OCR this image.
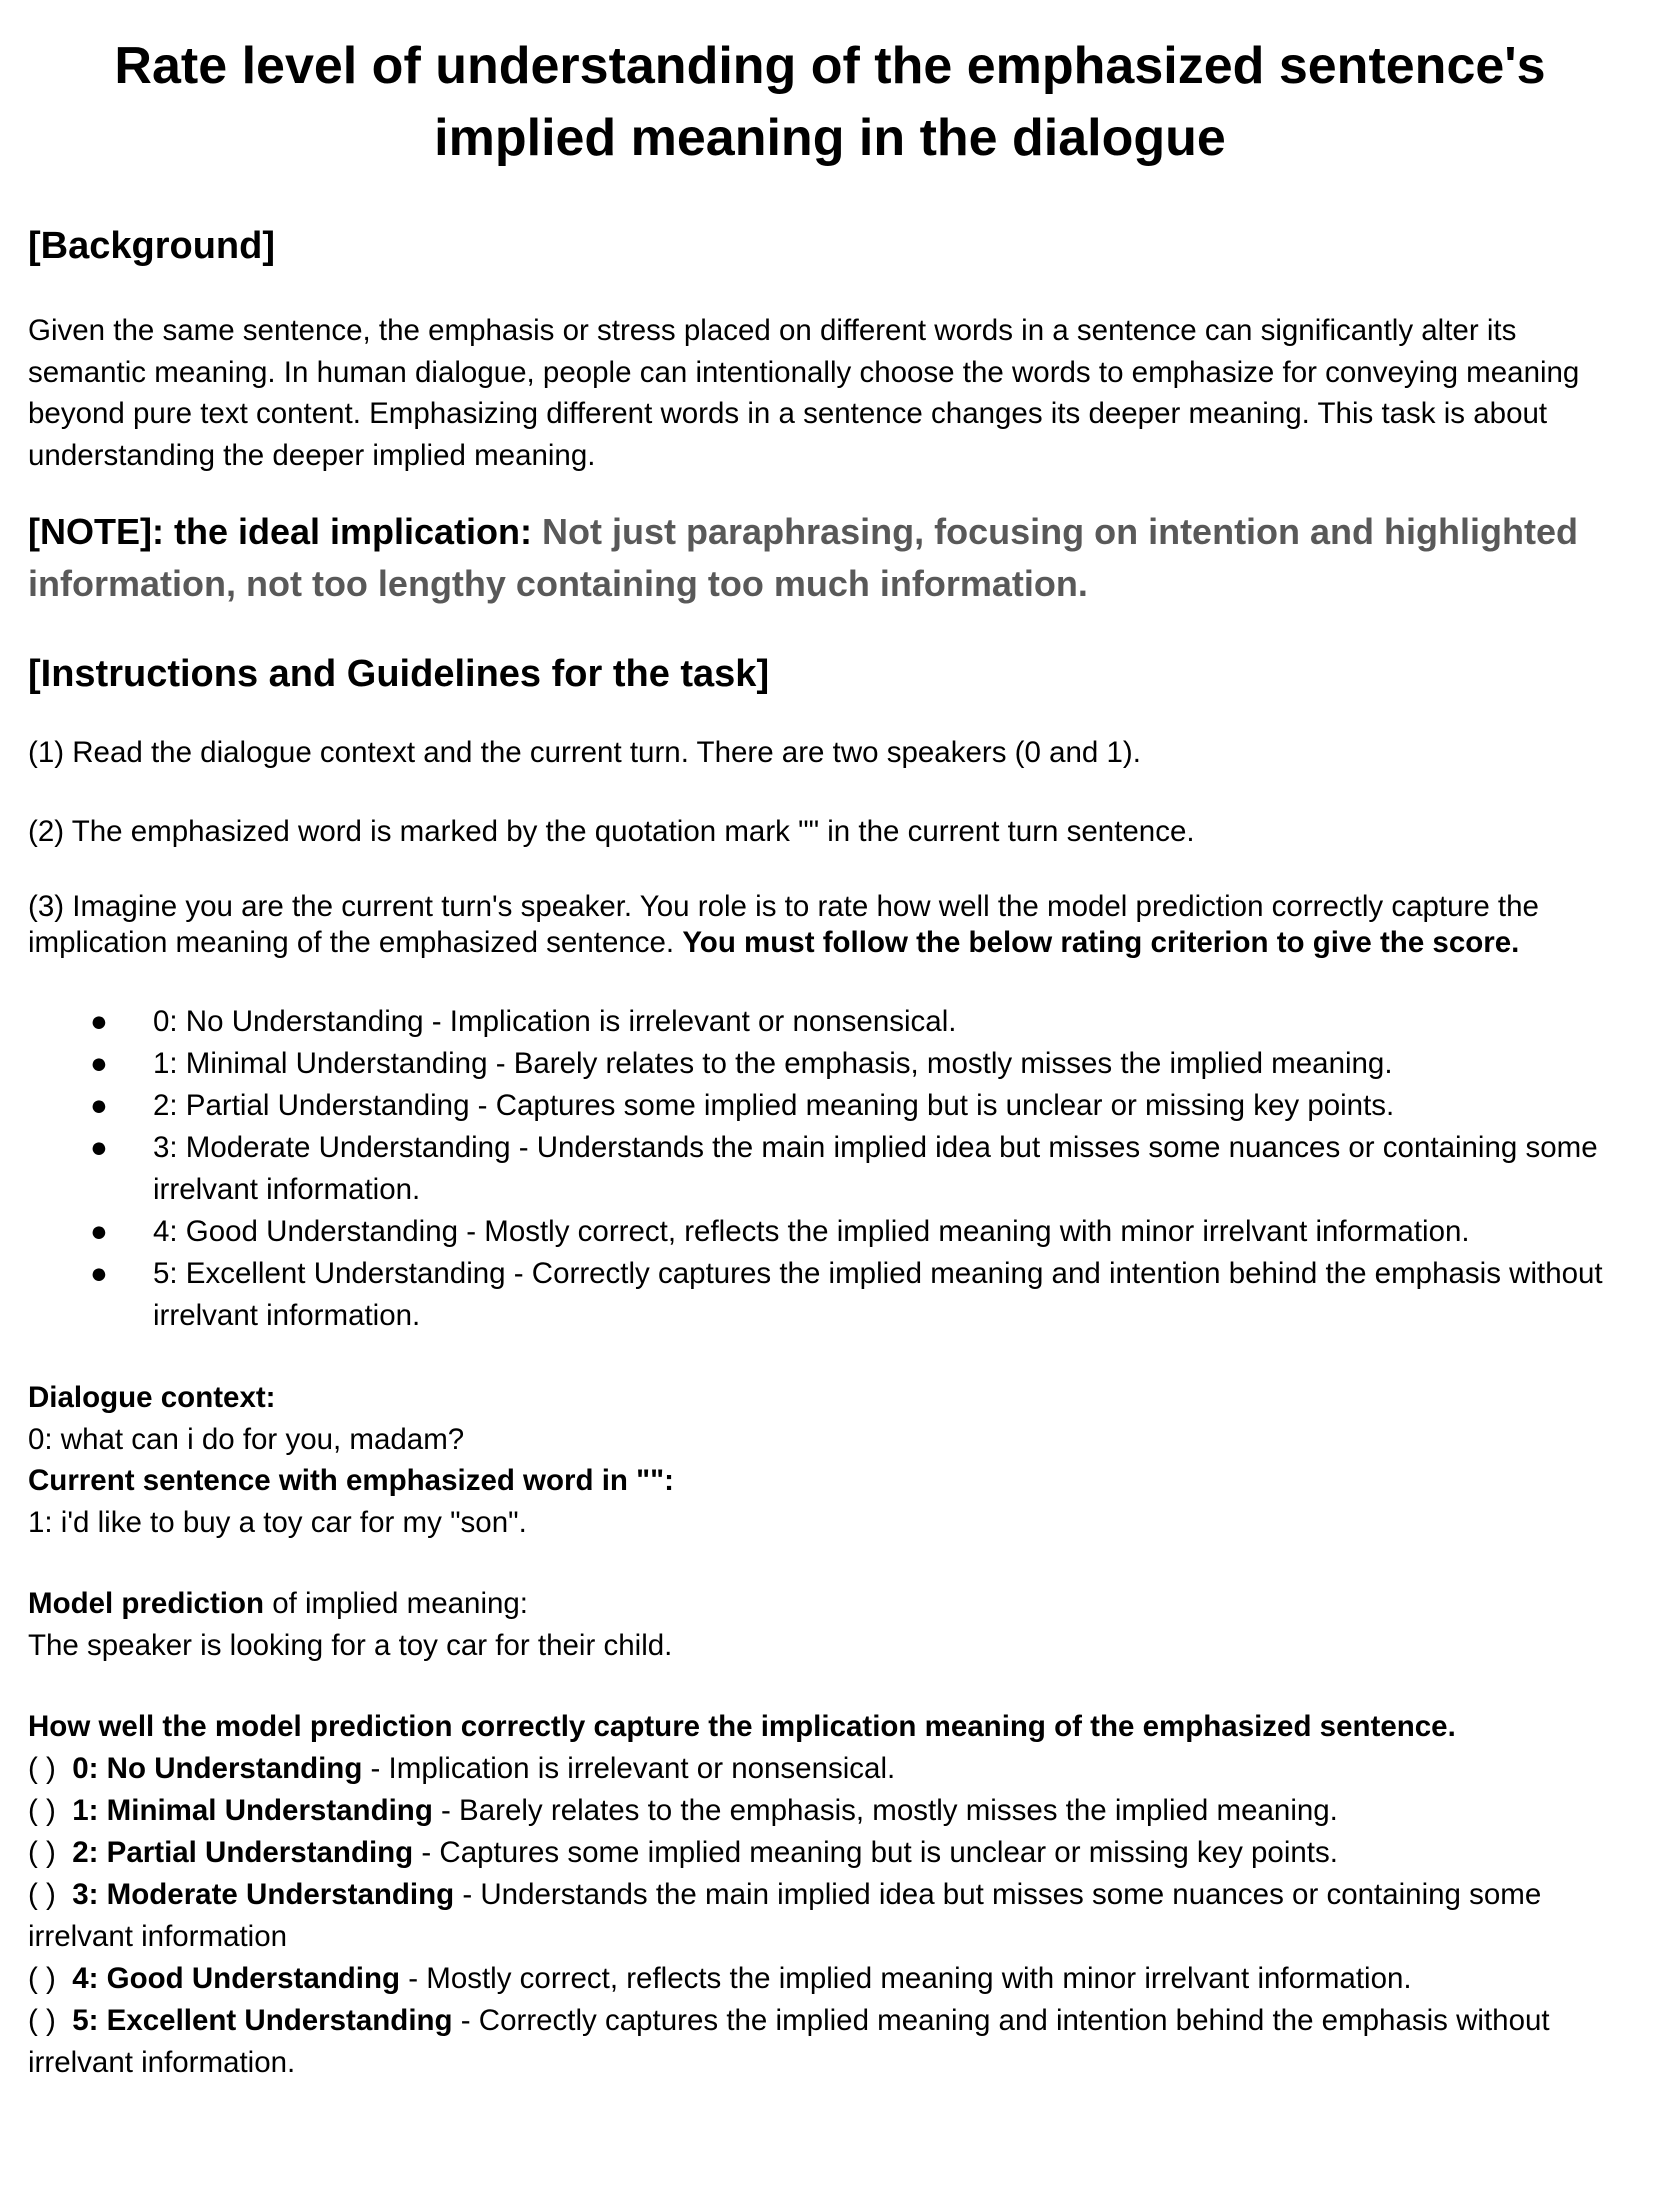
Rate level of understanding of the emphasized sentence's implied meaning in the dialogue

[Background]

Given the same sentence, the emphasis or stress placed on different words in a sentence can significantly alter its semantic meaning. In human dialogue, people can intentionally choose the words to emphasize for conveying meaning beyond pure text content. Emphasizing different words in a sentence changes its deeper meaning. This task is about understanding the deeper implied meaning.

[NOTE]: the ideal implication: Not just paraphrasing, focusing on intention and highlighted information, not too lengthy containing too much information.

[Instructions and Guidelines for the task]

(1) Read the dialogue context and the current turn. There are two speakers (0 and 1).

(2) The emphasized word is marked by the quotation mark "" in the current turn sentence.

(3) Imagine you are the current turn's speaker. You role is to rate how well the model prediction correctly capture the implication meaning of the emphasized sentence. You must follow the below rating criterion to give the score.

● 0: No Understanding - Implication is irrelevant or nonsensical.
● 1: Minimal Understanding - Barely relates to the emphasis, mostly misses the implied meaning.
● 2: Partial Understanding - Captures some implied meaning but is unclear or missing key points.
● 3: Moderate Understanding - Understands the main implied idea but misses some nuances or containing some irrelvant information.
● 4: Good Understanding - Mostly correct, reflects the implied meaning with minor irrelvant information.
● 5: Excellent Understanding - Correctly captures the implied meaning and intention behind the emphasis without irrelvant information.

Dialogue context:

0: what can i do for you, madam?

Current sentence with emphasized word in "":

1: i'd like to buy a toy car for my "son".

Model prediction of implied meaning:

The speaker is looking for a toy car for their child.

How well the model prediction correctly capture the implication meaning of the emphasized sentence.

( ) 0: No Understanding - Implication is irrelevant or nonsensical.

( ) 1: Minimal Understanding - Barely relates to the emphasis, mostly misses the implied meaning.

( ) 2: Partial Understanding - Captures some implied meaning but is unclear or missing key points.

( ) 3: Moderate Understanding - Understands the main implied idea but misses some nuances or containing some irrelvant information

( ) 4: Good Understanding - Mostly correct, reflects the implied meaning with minor irrelvant information.

( ) 5: Excellent Understanding - Correctly captures the implied meaning and intention behind the emphasis without irrelvant information.
